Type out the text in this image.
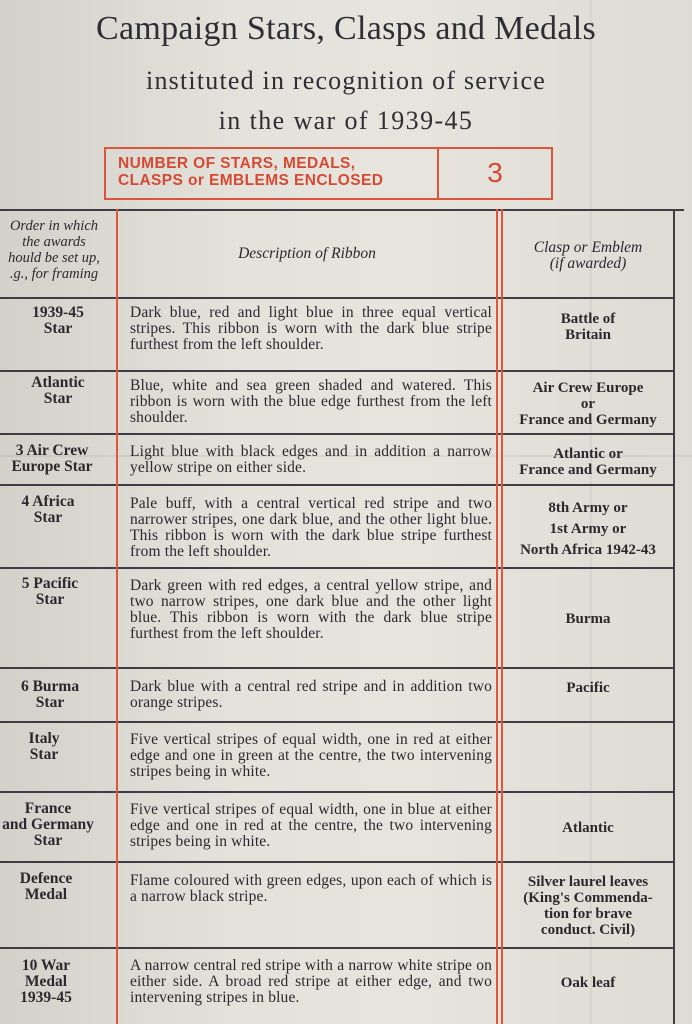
Campaign Stars, Clasps and Medals
instituted in recognition of service
in the war of 1939-45
NUMBER OF STARS, MEDALS,
CLASPS or EMBLEMS ENCLOSED	3
Order in which
the awards
hould be set up,
.g., for framing
Description of Ribbon	Clasp or Emblem
(if awarded)
1939-45
Star
Dark blue, red and light blue in three equal vertical stripes. This ribbon is worn with the dark blue stripe furthest from the left shoulder.
Battle of
Britain
Atlantic
Star
Blue, white and sea green shaded and watered. This ribbon is worn with the blue edge furthest from the left shoulder.
Air Crew Europe
or
France and Germany
3 Air Crew
Europe Star
Light blue with black edges and in addition a narrow yellow stripe on either side.
Atlantic or
France and Germany
4 Africa
Star
Pale buff, with a central vertical red stripe and two narrower stripes, one dark blue, and the other light blue. This ribbon is worn with the dark blue stripe furthest from the left shoulder.
8th Army or
1st Army or
North Africa 1942-43
5 Pacific
Star
Dark green with red edges, a central yellow stripe, and two narrow stripes, one dark blue and the other light blue. This ribbon is worn with the dark blue stripe furthest from the left shoulder.
Burma
6 Burma
Star
Dark blue with a central red stripe and in addition two orange stripes.
Pacific
Italy
Star
Five vertical stripes of equal width, one in red at either edge and one in green at the centre, the two intervening stripes being in white.
France
and Germany
Star
Five vertical stripes of equal width, one in blue at either edge and one in red at the centre, the two intervening stripes being in white.
Atlantic
Defence
Medal
Flame coloured with green edges, upon each of which is a narrow black stripe.
Silver laurel leaves
(King's Commenda-
tion for brave
conduct. Civil)
10 War
Medal
1939-45
A narrow central red stripe with a narrow white stripe on either side. A broad red stripe at either edge, and two intervening stripes in blue.
Oak leaf
